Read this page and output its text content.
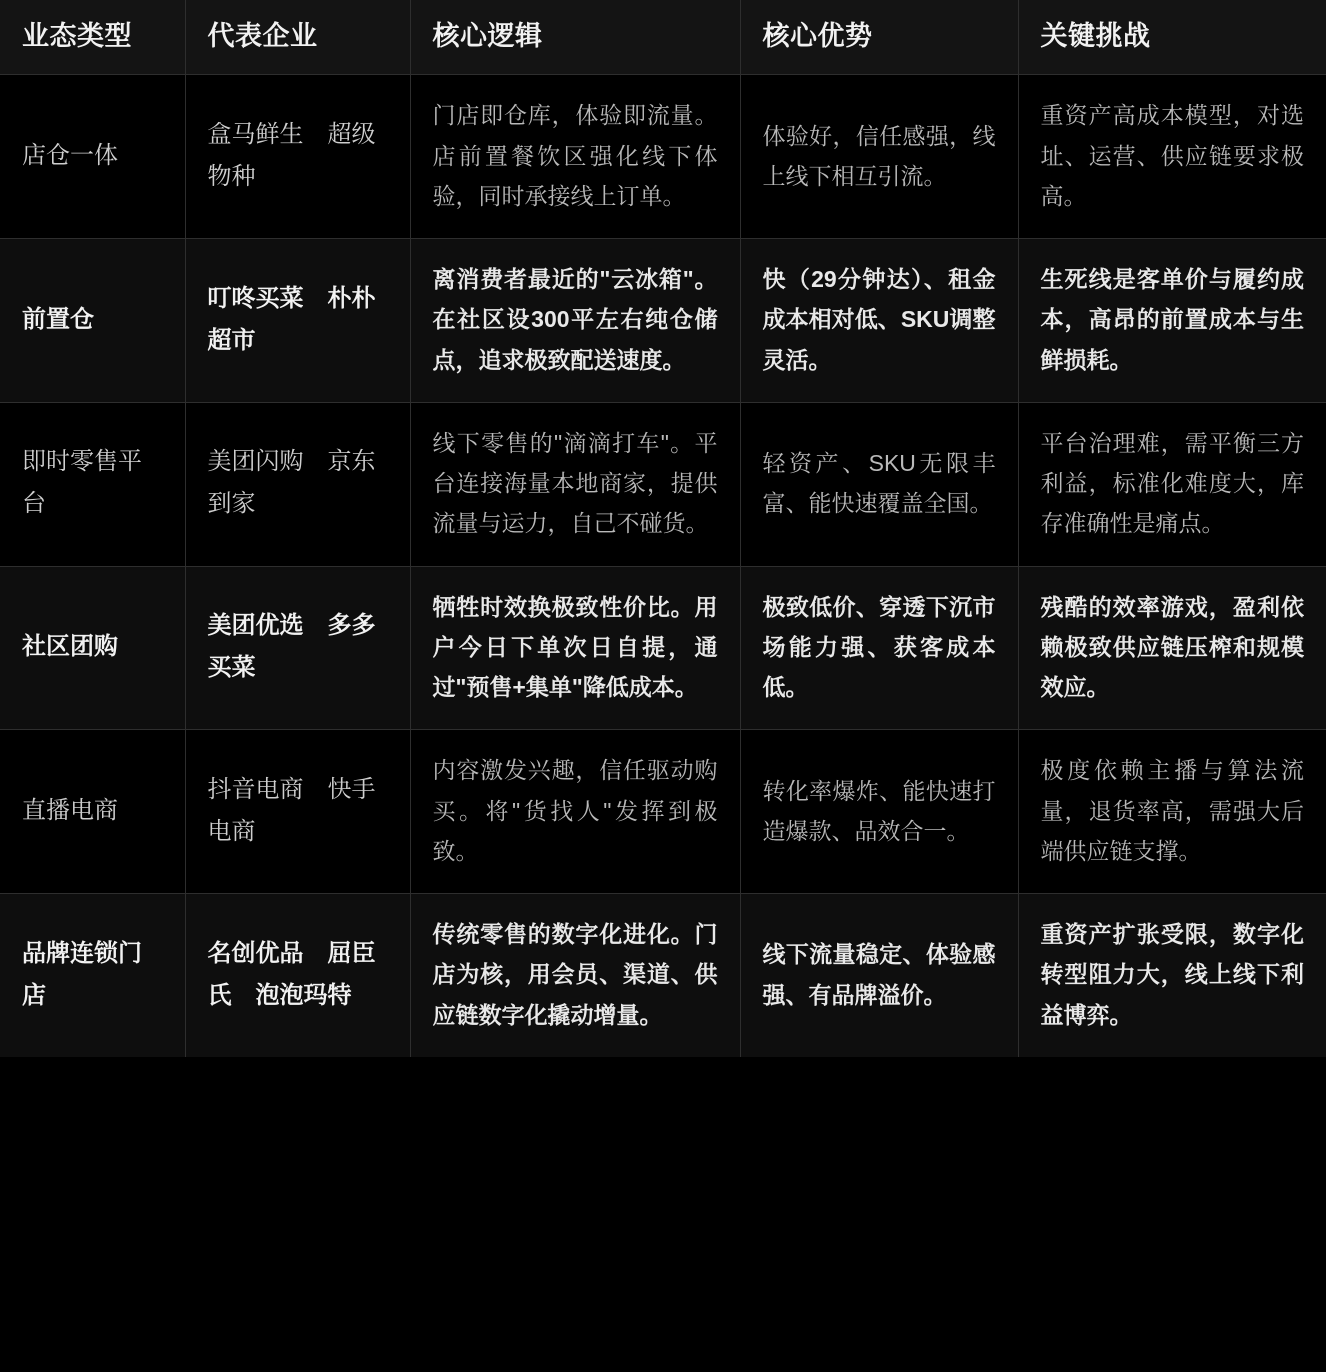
业态类型	代表企业	核心逻辑	核心优势	关键挑战
店仓一体	盒马鲜生　超级物种	门店即仓库，体验即流量。店前置餐饮区强化线下体验，同时承接线上订单。	体验好，信任感强，线上线下相互引流。	重资产高成本模型，对选址、运营、供应链要求极高。
前置仓	叮咚买菜　朴朴超市	离消费者最近的"云冰箱"。在社区设300平左右纯仓储点，追求极致配送速度。	快（29分钟达）、租金成本相对低、SKU调整灵活。	生死线是客单价与履约成本，高昂的前置成本与生鲜损耗。
即时零售平台	美团闪购　京东到家	线下零售的"滴滴打车"。平台连接海量本地商家，提供流量与运力，自己不碰货。	轻资产、SKU无限丰富、能快速覆盖全国。	平台治理难，需平衡三方利益，标准化难度大，库存准确性是痛点。
社区团购	美团优选　多多买菜	牺牲时效换极致性价比。用户今日下单次日自提，通过"预售+集单"降低成本。	极致低价、穿透下沉市场能力强、获客成本低。	残酷的效率游戏，盈利依赖极致供应链压榨和规模效应。
直播电商	抖音电商　快手电商	内容激发兴趣，信任驱动购买。将"货找人"发挥到极致。	转化率爆炸、能快速打造爆款、品效合一。	极度依赖主播与算法流量，退货率高，需强大后端供应链支撑。
品牌连锁门店	名创优品　屈臣氏　泡泡玛特	传统零售的数字化进化。门店为核，用会员、渠道、供应链数字化撬动增量。	线下流量稳定、体验感强、有品牌溢价。	重资产扩张受限，数字化转型阻力大，线上线下利益博弈。
